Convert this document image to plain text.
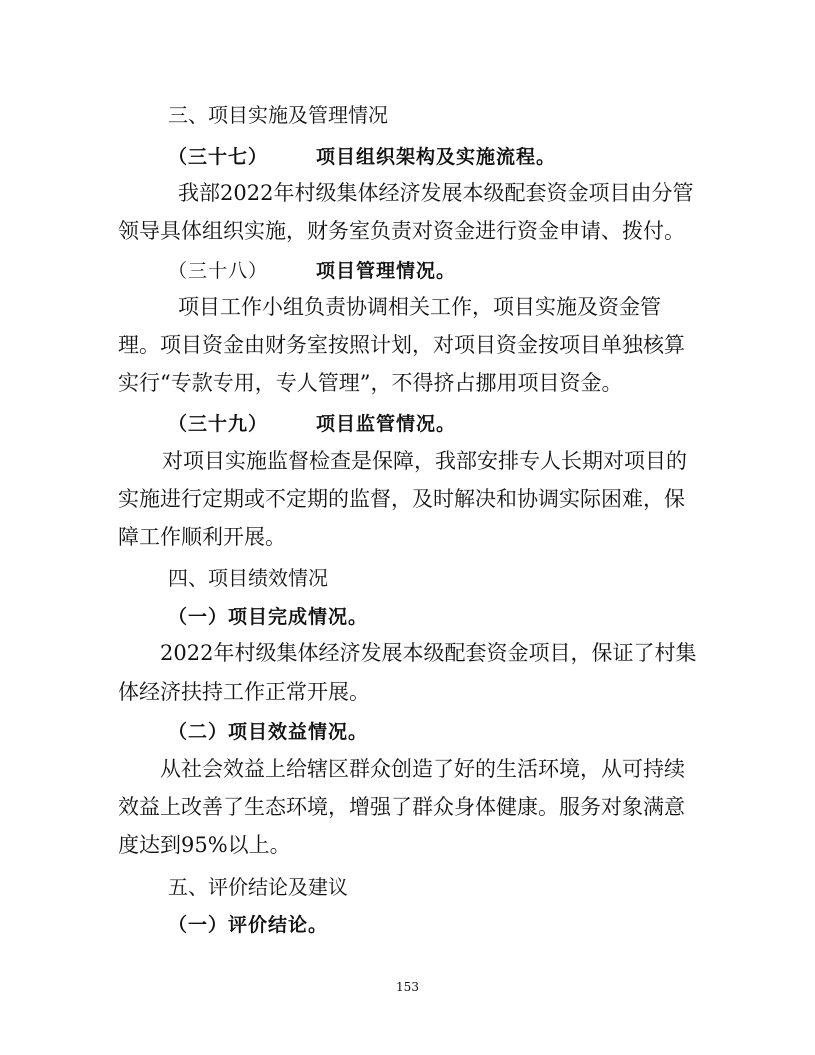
三、项目实施及管理情况
（三十七）	项目组织架构及实施流程。
我部2022年村级集体经济发展本级配套资金项目由分管
领导具体组织实施，财务室负责对资金进行资金申请、拨付。
（三十八）	项目管理情况。
项目工作小组负责协调相关工作，项目实施及资金管
理。项目资金由财务室按照计划，对项目资金按项目单独核算
实行“专款专用，专人管理”，不得挤占挪用项目资金。
（三十九）	项目监管情况。
对项目实施监督检查是保障，我部安排专人长期对项目的
实施进行定期或不定期的监督，及时解决和协调实际困难，保
障工作顺利开展。
四、项目绩效情况
（一）项目完成情况。
2022年村级集体经济发展本级配套资金项目，保证了村集
体经济扶持工作正常开展。
（二）项目效益情况。
从社会效益上给辖区群众创造了好的生活环境，从可持续
效益上改善了生态环境，增强了群众身体健康。服务对象满意
度达到95%以上。
五、评价结论及建议
（一）评价结论。
153
